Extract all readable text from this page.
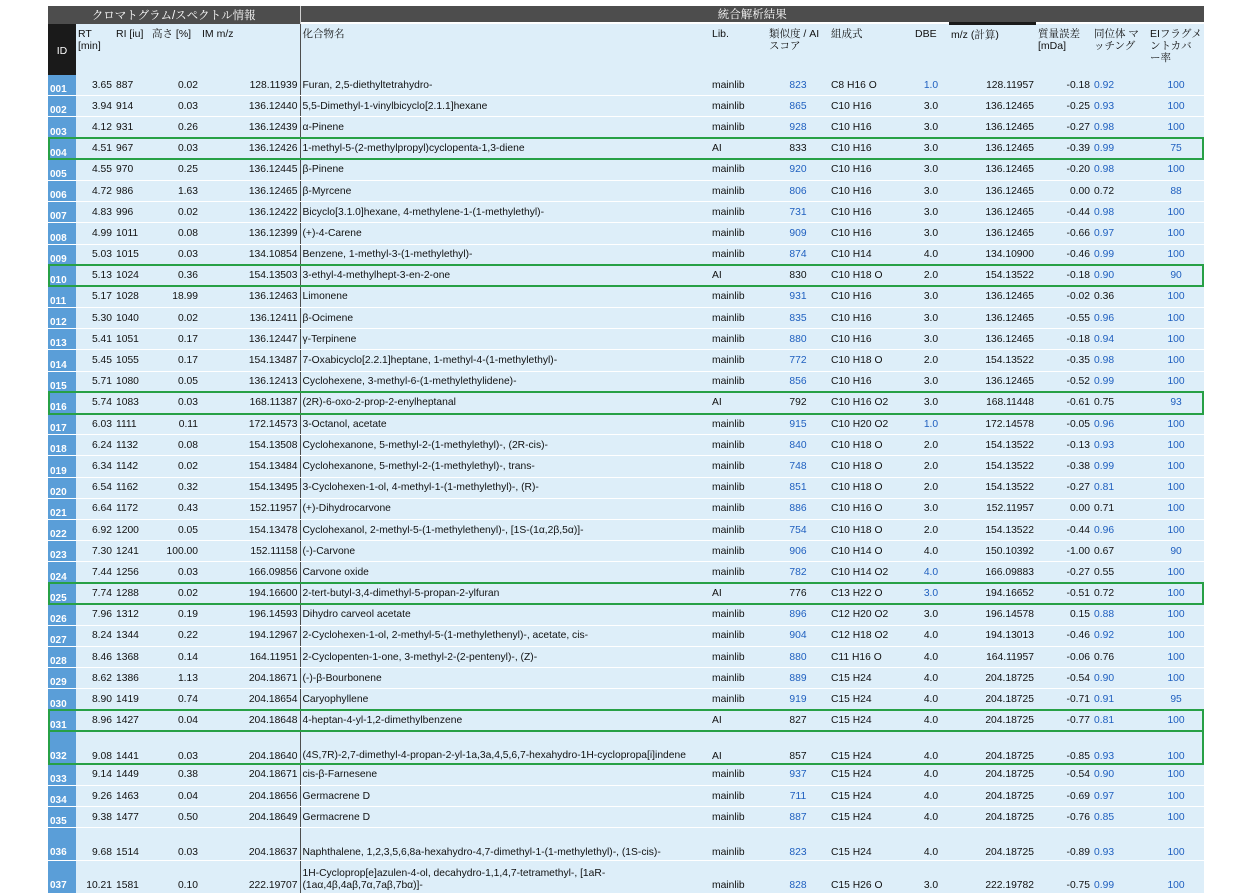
クロマトグラム/スペクトル情報					統合解析結果								
ID	RT [min]	RI [iu]	高さ [%]	IM m/z	化合物名	Lib.	類似度 / AIスコア	組成式	DBE	m/z (計算)	質量誤差 [mDa]	同位体 マッチング	EIフラグメントカバー率
001	3.65	887	0.02	128.11939	Furan, 2,5-diethyltetrahydro-	mainlib	823	C8 H16 O	1.0	128.11957	-0.18	0.92	100
002	3.94	914	0.03	136.12440	5,5-Dimethyl-1-vinylbicyclo[2.1.1]hexane	mainlib	865	C10 H16	3.0	136.12465	-0.25	0.93	100
003	4.12	931	0.26	136.12439	α-Pinene	mainlib	928	C10 H16	3.0	136.12465	-0.27	0.98	100
004	4.51	967	0.03	136.12426	1-methyl-5-(2-methylpropyl)cyclopenta-1,3-diene	AI	833	C10 H16	3.0	136.12465	-0.39	0.99	75
005	4.55	970	0.25	136.12445	β-Pinene	mainlib	920	C10 H16	3.0	136.12465	-0.20	0.98	100
006	4.72	986	1.63	136.12465	β-Myrcene	mainlib	806	C10 H16	3.0	136.12465	0.00	0.72	88
007	4.83	996	0.02	136.12422	Bicyclo[3.1.0]hexane, 4-methylene-1-(1-methylethyl)-	mainlib	731	C10 H16	3.0	136.12465	-0.44	0.98	100
008	4.99	1011	0.08	136.12399	(+)-4-Carene	mainlib	909	C10 H16	3.0	136.12465	-0.66	0.97	100
009	5.03	1015	0.03	134.10854	Benzene, 1-methyl-3-(1-methylethyl)-	mainlib	874	C10 H14	4.0	134.10900	-0.46	0.99	100
010	5.13	1024	0.36	154.13503	3-ethyl-4-methylhept-3-en-2-one	AI	830	C10 H18 O	2.0	154.13522	-0.18	0.90	90
011	5.17	1028	18.99	136.12463	Limonene	mainlib	931	C10 H16	3.0	136.12465	-0.02	0.36	100
012	5.30	1040	0.02	136.12411	β-Ocimene	mainlib	835	C10 H16	3.0	136.12465	-0.55	0.96	100
013	5.41	1051	0.17	136.12447	γ-Terpinene	mainlib	880	C10 H16	3.0	136.12465	-0.18	0.94	100
014	5.45	1055	0.17	154.13487	7-Oxabicyclo[2.2.1]heptane, 1-methyl-4-(1-methylethyl)-	mainlib	772	C10 H18 O	2.0	154.13522	-0.35	0.98	100
015	5.71	1080	0.05	136.12413	Cyclohexene, 3-methyl-6-(1-methylethylidene)-	mainlib	856	C10 H16	3.0	136.12465	-0.52	0.99	100
016	5.74	1083	0.03	168.11387	(2R)-6-oxo-2-prop-2-enylheptanal	AI	792	C10 H16 O2	3.0	168.11448	-0.61	0.75	93
017	6.03	1111	0.11	172.14573	3-Octanol, acetate	mainlib	915	C10 H20 O2	1.0	172.14578	-0.05	0.96	100
018	6.24	1132	0.08	154.13508	Cyclohexanone, 5-methyl-2-(1-methylethyl)-, (2R-cis)-	mainlib	840	C10 H18 O	2.0	154.13522	-0.13	0.93	100
019	6.34	1142	0.02	154.13484	Cyclohexanone, 5-methyl-2-(1-methylethyl)-, trans-	mainlib	748	C10 H18 O	2.0	154.13522	-0.38	0.99	100
020	6.54	1162	0.32	154.13495	3-Cyclohexen-1-ol, 4-methyl-1-(1-methylethyl)-, (R)-	mainlib	851	C10 H18 O	2.0	154.13522	-0.27	0.81	100
021	6.64	1172	0.43	152.11957	(+)-Dihydrocarvone	mainlib	886	C10 H16 O	3.0	152.11957	0.00	0.71	100
022	6.92	1200	0.05	154.13478	Cyclohexanol, 2-methyl-5-(1-methylethenyl)-, [1S-(1α,2β,5α)]-	mainlib	754	C10 H18 O	2.0	154.13522	-0.44	0.96	100
023	7.30	1241	100.00	152.11158	(-)-Carvone	mainlib	906	C10 H14 O	4.0	150.10392	-1.00	0.67	90
024	7.44	1256	0.03	166.09856	Carvone oxide	mainlib	782	C10 H14 O2	4.0	166.09883	-0.27	0.55	100
025	7.74	1288	0.02	194.16600	2-tert-butyl-3,4-dimethyl-5-propan-2-ylfuran	AI	776	C13 H22 O	3.0	194.16652	-0.51	0.72	100
026	7.96	1312	0.19	196.14593	Dihydro carveol acetate	mainlib	896	C12 H20 O2	3.0	196.14578	0.15	0.88	100
027	8.24	1344	0.22	194.12967	2-Cyclohexen-1-ol, 2-methyl-5-(1-methylethenyl)-, acetate, cis-	mainlib	904	C12 H18 O2	4.0	194.13013	-0.46	0.92	100
028	8.46	1368	0.14	164.11951	2-Cyclopenten-1-one, 3-methyl-2-(2-pentenyl)-, (Z)-	mainlib	880	C11 H16 O	4.0	164.11957	-0.06	0.76	100
029	8.62	1386	1.13	204.18671	(-)-β-Bourbonene	mainlib	889	C15 H24	4.0	204.18725	-0.54	0.90	100
030	8.90	1419	0.74	204.18654	Caryophyllene	mainlib	919	C15 H24	4.0	204.18725	-0.71	0.91	95
031	8.96	1427	0.04	204.18648	4-heptan-4-yl-1,2-dimethylbenzene	AI	827	C15 H24	4.0	204.18725	-0.77	0.81	100
032	9.08	1441	0.03	204.18640	(4S,7R)-2,7-dimethyl-4-propan-2-yl-1a,3a,4,5,6,7-hexahydro-1H-cyclopropa[i]indene	AI	857	C15 H24	4.0	204.18725	-0.85	0.93	100
033	9.14	1449	0.38	204.18671	cis-β-Farnesene	mainlib	937	C15 H24	4.0	204.18725	-0.54	0.90	100
034	9.26	1463	0.04	204.18656	Germacrene D	mainlib	711	C15 H24	4.0	204.18725	-0.69	0.97	100
035	9.38	1477	0.50	204.18649	Germacrene D	mainlib	887	C15 H24	4.0	204.18725	-0.76	0.85	100
036	9.68	1514	0.03	204.18637	Naphthalene, 1,2,3,5,6,8a-hexahydro-4,7-dimethyl-1-(1-methylethyl)-, (1S-cis)-	mainlib	823	C15 H24	4.0	204.18725	-0.89	0.93	100
037	10.21	1581	0.10	222.19707	1H-Cycloprop[e]azulen-4-ol, decahydro-1,1,4,7-tetramethyl-, [1aR-(1aα,4β,4aβ,7α,7aβ,7bα)]-	mainlib	828	C15 H26 O	3.0	222.19782	-0.75	0.99	100
